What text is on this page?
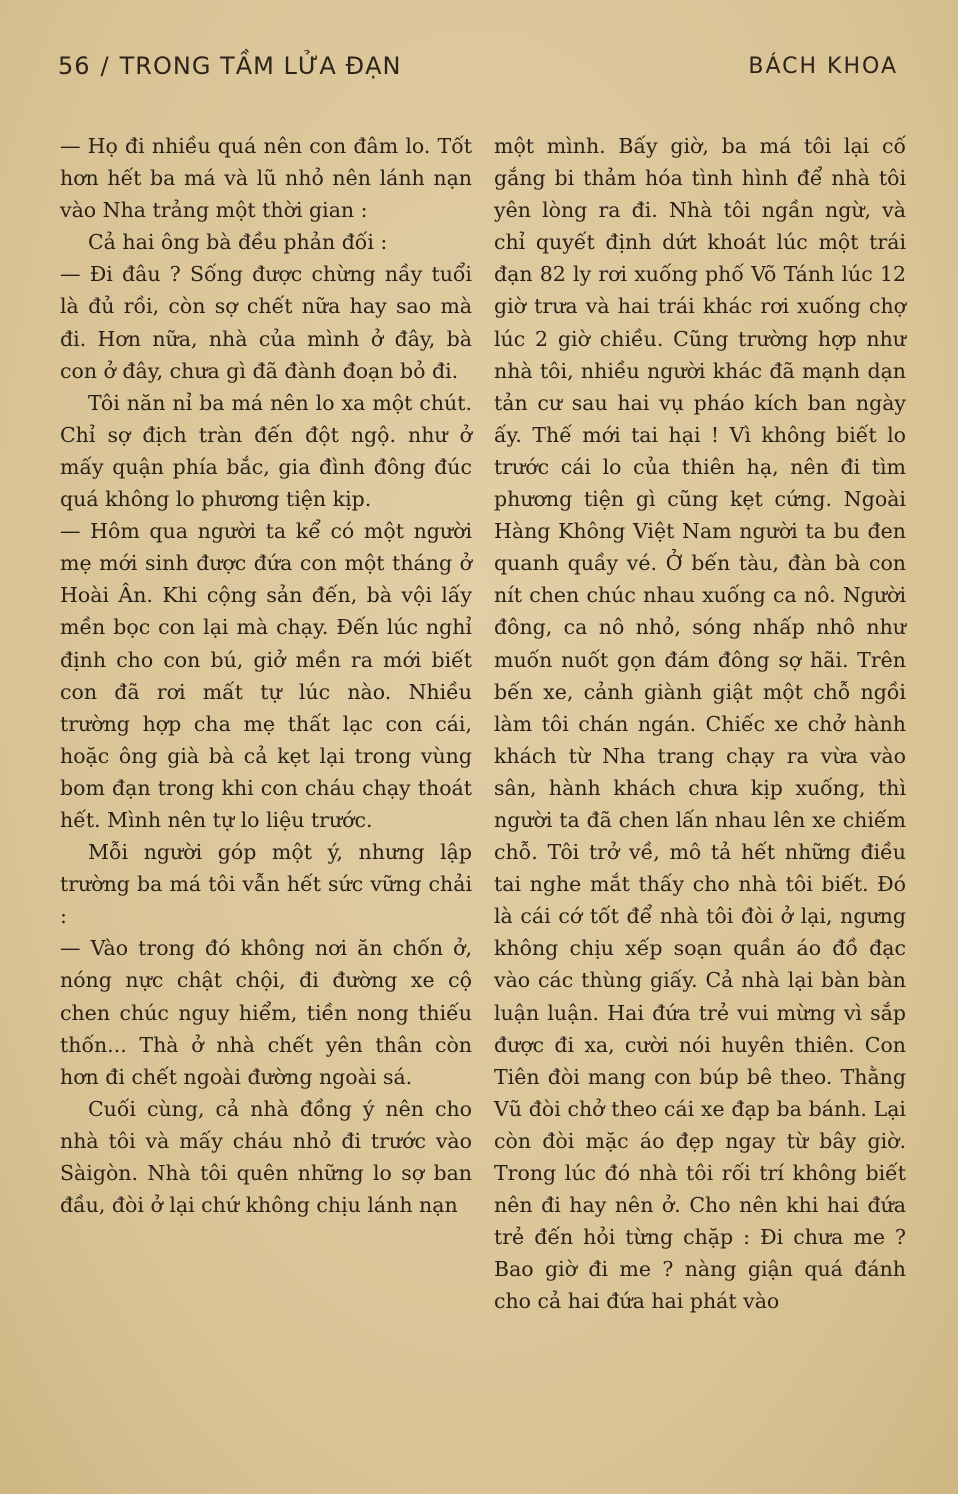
56 / TRONG TẦM LỬA ĐẠN	BÁCH KHOA

— Họ đi nhiều quá nên con đâm lo. Tốt hơn hết ba má và lũ nhỏ nên lánh nạn vào Nha trảng một thời gian :

Cả hai ông bà đều phản đối :

— Đi đâu ? Sống được chừng nầy tuổi là đủ rồi, còn sợ chết nữa hay sao mà đi. Hơn nữa, nhà của mình ở đây, bà con ở đây, chưa gì đã đành đoạn bỏ đi.

Tôi năn nỉ ba má nên lo xa một chút. Chỉ sợ địch tràn đến đột ngộ. như ở mấy quận phía bắc, gia đình đông đúc quá không lo phương tiện kịp.

— Hôm qua người ta kể có một người mẹ mới sinh được đứa con một tháng ở Hoài Ân. Khi cộng sản đến, bà vội lấy mền bọc con lại mà chạy. Đến lúc nghỉ định cho con bú, giở mền ra mới biết con đã rơi mất tự lúc nào. Nhiều trường hợp cha mẹ thất lạc con cái, hoặc ông già bà cả kẹt lại trong vùng bom đạn trong khi con cháu chạy thoát hết. Mình nên tự lo liệu trước.

Mỗi người góp một ý, nhưng lập trường ba má tôi vẫn hết sức vững chải :

— Vào trong đó không nơi ăn chốn ở, nóng nực chật chội, đi đường xe cộ chen chúc nguy hiểm, tiền nong thiếu thốn... Thà ở nhà chết yên thân còn hơn đi chết ngoài đường ngoài sá.

Cuối cùng, cả nhà đồng ý nên cho nhà tôi và mấy cháu nhỏ đi trước vào Sàigòn. Nhà tôi quên những lo sợ ban đầu, đòi ở lại chứ không chịu lánh nạn

một mình. Bấy giờ, ba má tôi lại cố gắng bi thảm hóa tình hình để nhà tôi yên lòng ra đi. Nhà tôi ngần ngừ, và chỉ quyết định dứt khoát lúc một trái đạn 82 ly rơi xuống phố Võ Tánh lúc 12 giờ trưa và hai trái khác rơi xuống chợ lúc 2 giờ chiều. Cũng trường hợp như nhà tôi, nhiều người khác đã mạnh dạn tản cư sau hai vụ pháo kích ban ngày ấy. Thế mới tai hại ! Vì không biết lo trước cái lo của thiên hạ, nên đi tìm phương tiện gì cũng kẹt cứng. Ngoài Hàng Không Việt Nam người ta bu đen quanh quầy vé. Ở bến tàu, đàn bà con nít chen chúc nhau xuống ca nô. Người đông, ca nô nhỏ, sóng nhấp nhô như muốn nuốt gọn đám đông sợ hãi. Trên bến xe, cảnh giành giật một chỗ ngồi làm tôi chán ngán. Chiếc xe chở hành khách từ Nha trang chạy ra vừa vào sân, hành khách chưa kịp xuống, thì người ta đã chen lấn nhau lên xe chiếm chỗ. Tôi trở về, mô tả hết những điều tai nghe mắt thấy cho nhà tôi biết. Đó là cái cớ tốt để nhà tôi đòi ở lại, ngưng không chịu xếp soạn quần áo đồ đạc vào các thùng giấy. Cả nhà lại bàn bàn luận luận. Hai đứa trẻ vui mừng vì sắp được đi xa, cười nói huyên thiên. Con Tiên đòi mang con búp bê theo. Thằng Vũ đòi chở theo cái xe đạp ba bánh. Lại còn đòi mặc áo đẹp ngay từ bây giờ. Trong lúc đó nhà tôi rối trí không biết nên đi hay nên ở. Cho nên khi hai đứa trẻ đến hỏi từng chặp : Đi chưa me ? Bao giờ đi me ? nàng giận quá đánh cho cả hai đứa hai phát vào
